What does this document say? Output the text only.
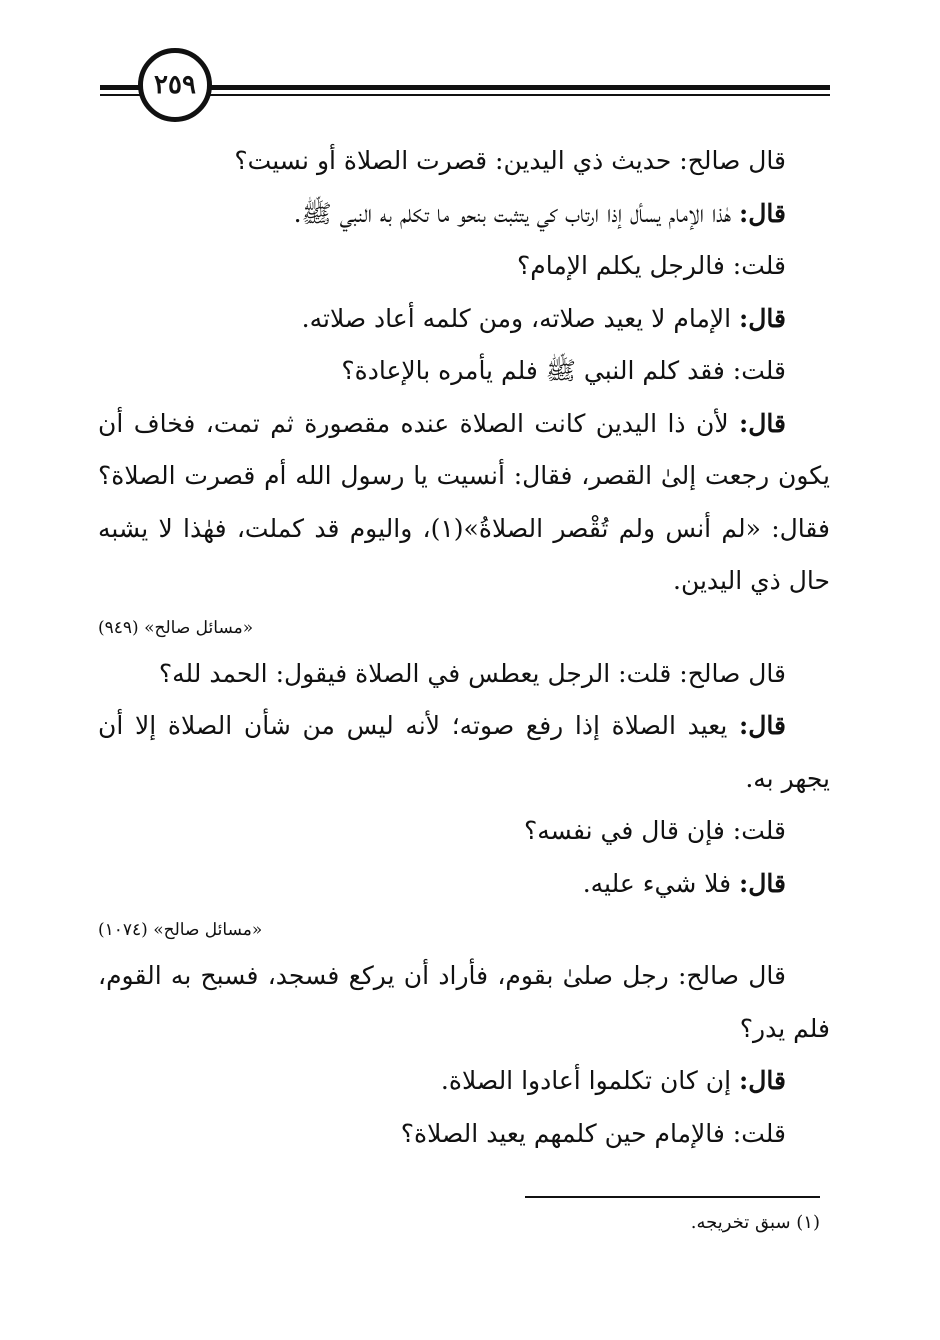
٢٥٩
قال صالح: حديث ذي اليدين: قصرت الصلاة أو نسيت؟
قال: هٰذا الإمام يسأل إذا ارتاب كي يتثبت بنحو ما تكلم به النبي ﷺ.
قلت: فالرجل يكلم الإمام؟
قال: الإمام لا يعيد صلاته، ومن كلمه أعاد صلاته.
قلت: فقد كلم النبي ﷺ فلم يأمره بالإعادة؟
قال: لأن ذا اليدين كانت الصلاة عنده مقصورة ثم تمت، فخاف أن
يكون رجعت إلىٰ القصر، فقال: أنسيت يا رسول الله أم قصرت الصلاة؟
فقال: «لم أنس ولم تُقْصر الصلاةُ»(١)، واليوم قد كملت، فهٰذا لا يشبه
حال ذي اليدين.
«مسائل صالح» (٩٤٩)
قال صالح: قلت: الرجل يعطس في الصلاة فيقول: الحمد لله؟
قال: يعيد الصلاة إذا رفع صوته؛ لأنه ليس من شأن الصلاة إلا أن
يجهر به.
قلت: فإن قال في نفسه؟
قال: فلا شيء عليه.
«مسائل صالح» (١٠٧٤)
قال صالح: رجل صلىٰ بقوم، فأراد أن يركع فسجد، فسبح به القوم،
فلم يدر؟
قال: إن كان تكلموا أعادوا الصلاة.
قلت: فالإمام حين كلمهم يعيد الصلاة؟
(١) سبق تخريجه.
